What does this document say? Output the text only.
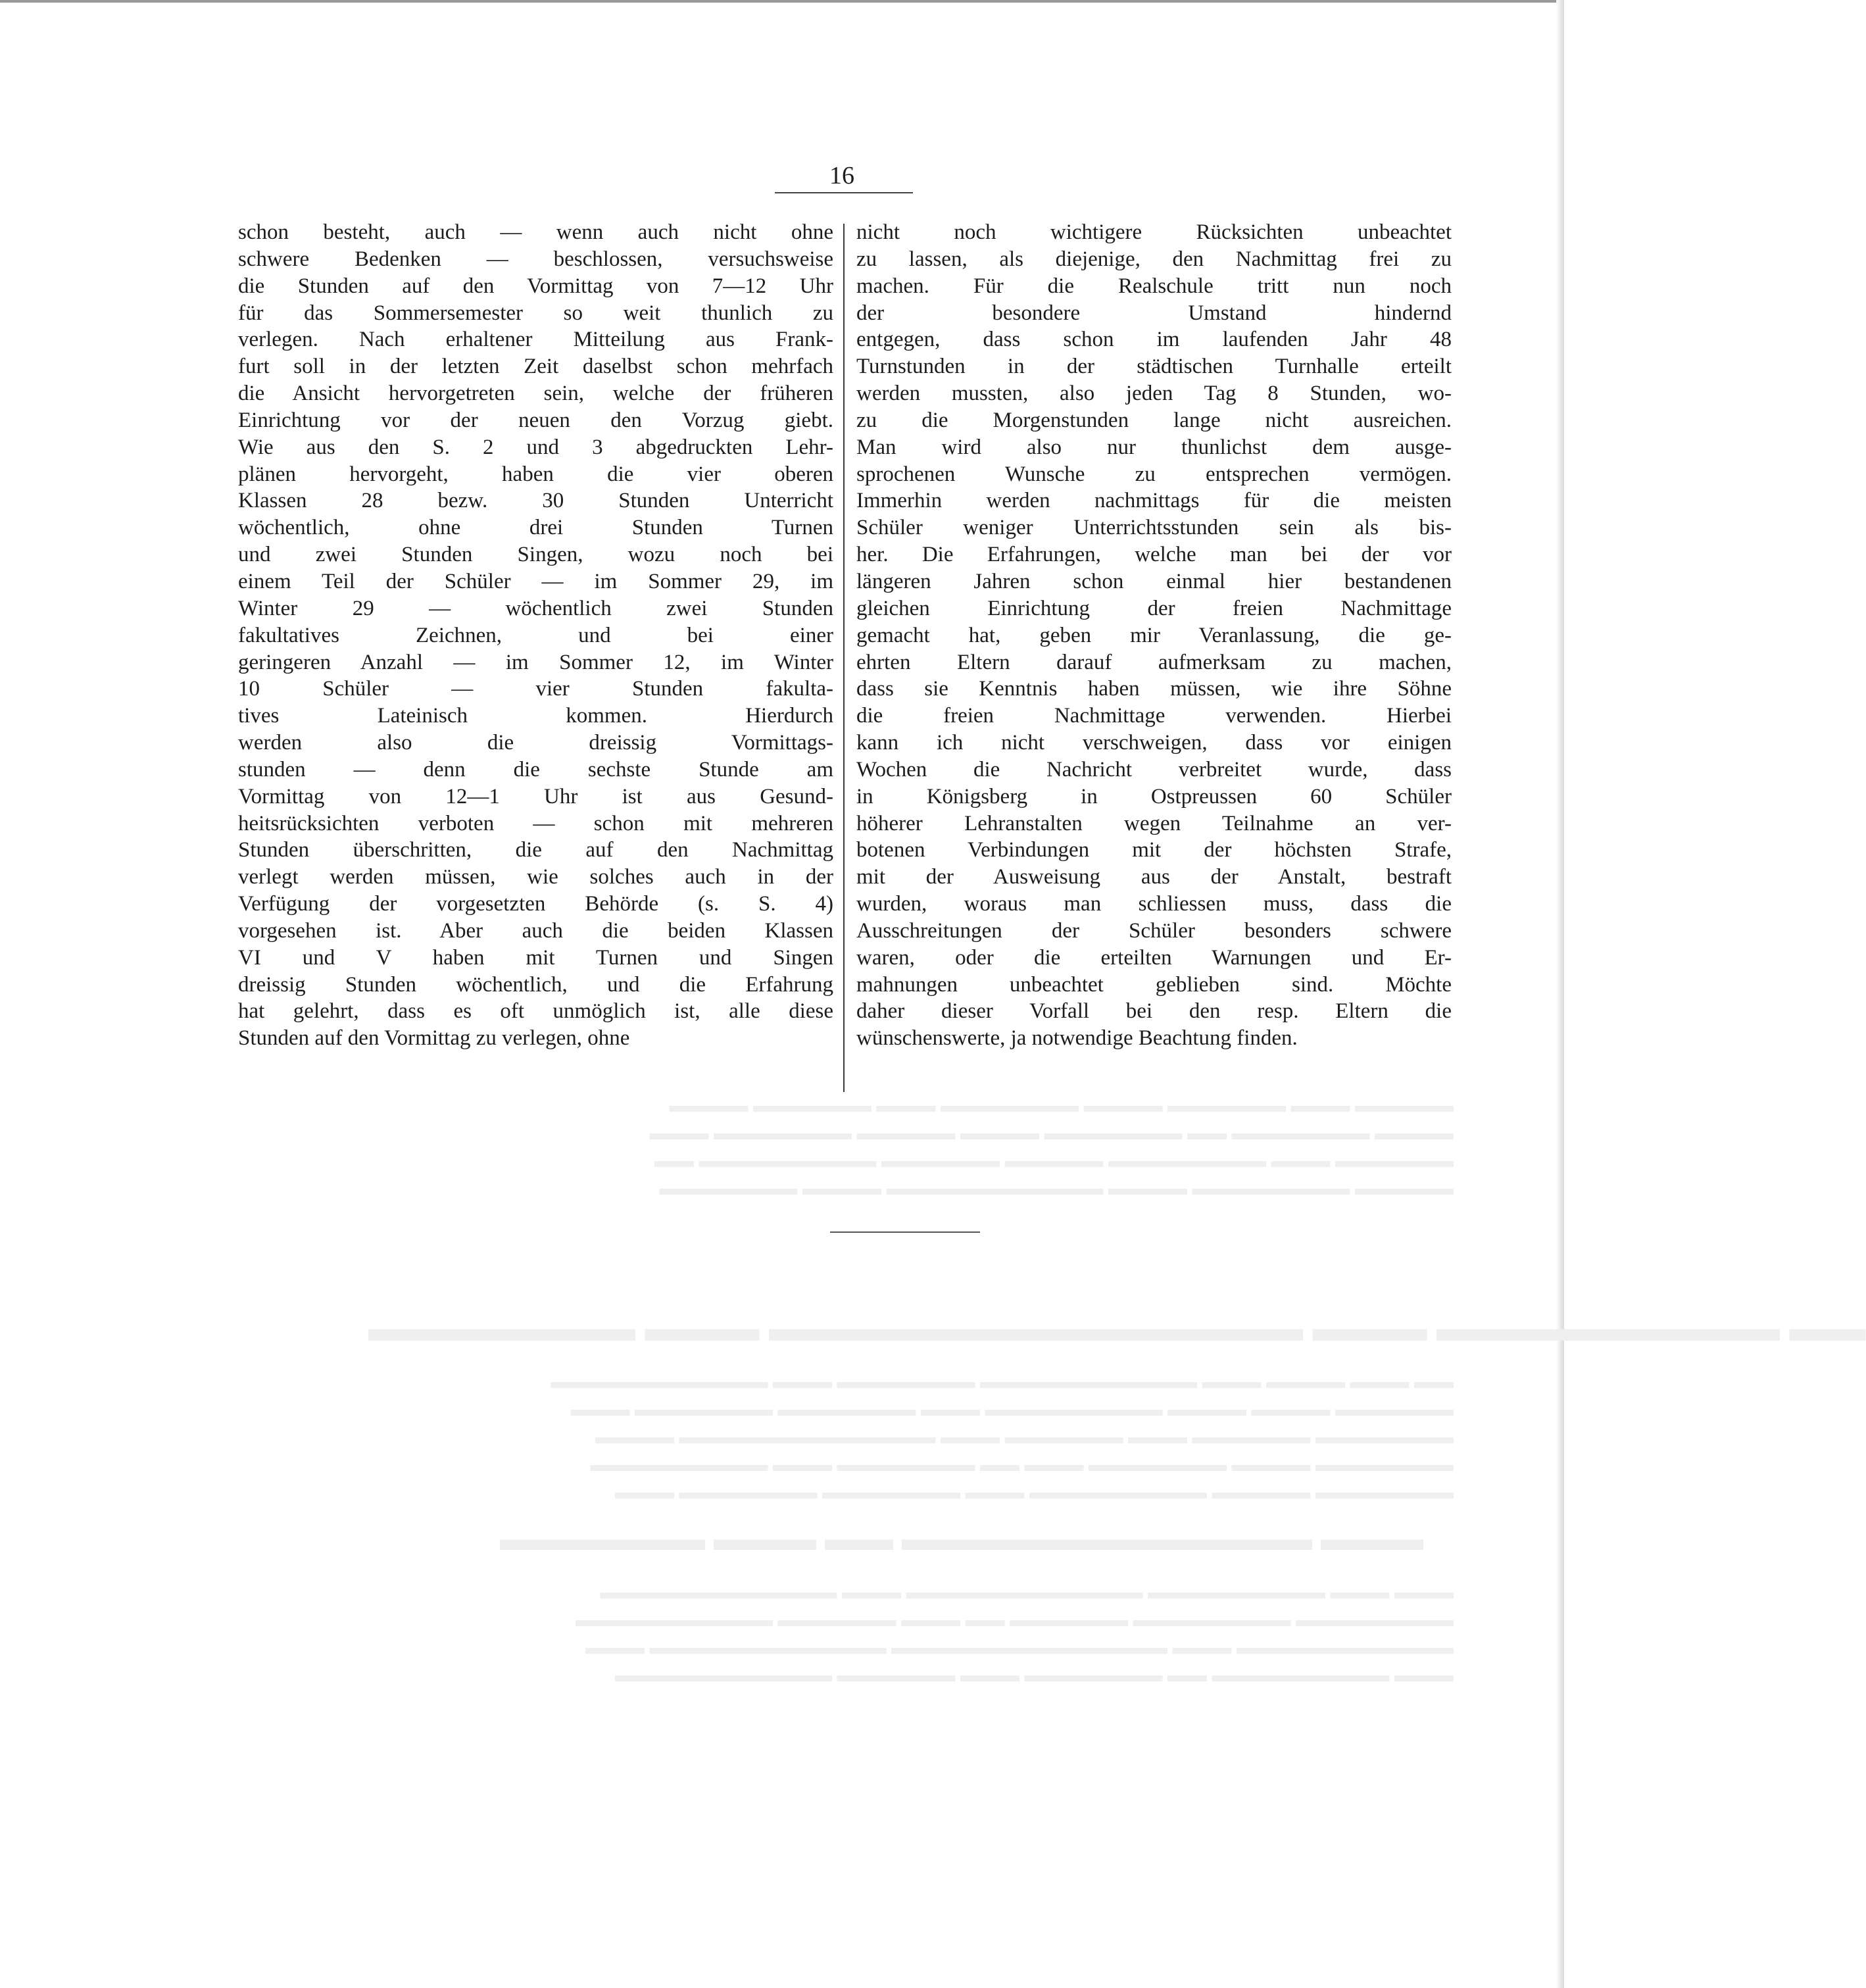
▬▬▬▬▬ ▬▬▬ ▬▬▬▬▬▬ ▬▬▬▬ ▬▬▬▬▬▬▬ ▬▬▬ ▬▬▬▬▬▬ ▬▬▬▬
▬▬▬▬ ▬▬▬▬▬▬▬ ▬▬ ▬▬▬▬▬▬▬ ▬▬▬▬ ▬▬▬▬▬ ▬▬▬▬▬▬▬ ▬▬▬
▬▬▬▬▬▬ ▬▬▬ ▬▬▬▬▬▬▬▬ ▬▬▬▬▬ ▬▬▬▬▬▬ ▬▬▬▬▬▬▬▬▬ ▬▬
▬▬▬▬▬ ▬▬▬▬▬▬▬▬ ▬▬▬▬ ▬▬▬▬▬▬▬▬▬▬▬ ▬▬▬▬ ▬▬▬▬▬▬▬
▬▬ ▬▬▬▬▬▬▬▬▬ ▬▬▬ ▬▬▬▬▬▬▬▬▬▬▬▬▬▬ ▬▬▬ ▬▬▬▬▬▬▬
▬▬ ▬▬▬ ▬▬▬▬ ▬▬▬ ▬▬▬▬▬▬▬▬▬▬▬ ▬▬▬▬▬▬▬ ▬▬▬ ▬▬▬▬▬▬▬▬▬▬▬
▬▬▬▬▬▬ ▬▬▬▬ ▬▬▬▬ ▬▬▬▬▬▬▬▬▬ ▬▬▬ ▬▬▬▬▬▬▬ ▬▬▬▬▬▬▬ ▬▬▬
▬▬▬▬▬▬▬ ▬▬▬▬▬▬ ▬▬▬ ▬▬▬▬▬▬ ▬▬▬ ▬▬▬▬▬▬▬▬▬▬▬▬▬ ▬▬▬▬
▬▬▬▬▬▬▬ ▬▬▬▬ ▬▬▬▬▬▬▬ ▬▬▬ ▬▬ ▬▬▬▬▬▬▬ ▬▬▬ ▬▬▬▬▬▬▬▬▬
▬▬▬▬▬▬▬ ▬▬▬▬▬ ▬▬▬▬▬▬▬▬▬ ▬▬▬ ▬▬▬▬▬▬▬ ▬▬▬▬▬▬▬ ▬▬▬
▬▬▬ ▬▬▬▬▬▬▬▬▬▬▬▬ ▬▬ ▬▬▬ ▬▬▬▬▬▬
▬▬▬ ▬▬▬ ▬▬▬▬▬▬▬▬▬ ▬▬▬▬▬▬▬▬▬▬▬▬ ▬▬▬ ▬▬▬▬▬▬▬▬▬▬▬▬
▬▬▬▬▬▬▬▬ ▬▬▬▬▬▬▬▬ ▬▬▬▬▬▬ ▬▬ ▬▬▬ ▬▬▬▬▬▬ ▬▬▬▬▬▬▬▬▬▬
▬▬▬▬▬▬▬▬▬▬▬ ▬▬▬ ▬▬▬▬▬▬▬▬▬▬▬▬▬▬ ▬▬▬▬▬▬▬▬▬▬▬▬ ▬▬▬
▬▬▬ ▬▬▬▬▬▬▬▬▬ ▬▬ ▬▬▬▬▬▬▬ ▬▬▬ ▬▬▬▬▬▬ ▬▬▬▬▬▬▬▬▬▬▬
16
schon besteht, auch — wenn auch nicht ohne
schwere Bedenken — beschlossen, versuchsweise
die Stunden auf den Vormittag von 7—12 Uhr
für das Sommersemester so weit thunlich zu
verlegen. Nach erhaltener Mitteilung aus Frank-
furt soll in der letzten Zeit daselbst schon mehrfach
die Ansicht hervorgetreten sein, welche der früheren
Einrichtung vor der neuen den Vorzug giebt.
Wie aus den S. 2 und 3 abgedruckten Lehr-
plänen hervorgeht, haben die vier oberen
Klassen 28 bezw. 30 Stunden Unterricht
wöchentlich, ohne drei Stunden Turnen
und zwei Stunden Singen, wozu noch bei
einem Teil der Schüler — im Sommer 29, im
Winter 29 — wöchentlich zwei Stunden
fakultatives Zeichnen, und bei einer
geringeren Anzahl — im Sommer 12, im Winter
10 Schüler — vier Stunden fakulta-
tives Lateinisch kommen. Hierdurch
werden also die dreissig Vormittags-
stunden — denn die sechste Stunde am
Vormittag von 12—1 Uhr ist aus Gesund-
heitsrücksichten verboten — schon mit mehreren
Stunden überschritten, die auf den Nachmittag
verlegt werden müssen, wie solches auch in der
Verfügung der vorgesetzten Behörde (s. S. 4)
vorgesehen ist. Aber auch die beiden Klassen
VI und V haben mit Turnen und Singen
dreissig Stunden wöchentlich, und die Erfahrung
hat gelehrt, dass es oft unmöglich ist, alle diese
Stunden auf den Vormittag zu verlegen, ohne
nicht noch wichtigere Rücksichten unbeachtet
zu lassen, als diejenige, den Nachmittag frei zu
machen. Für die Realschule tritt nun noch
der besondere Umstand hindernd
entgegen, dass schon im laufenden Jahr 48
Turnstunden in der städtischen Turnhalle erteilt
werden mussten, also jeden Tag 8 Stunden, wo-
zu die Morgenstunden lange nicht ausreichen.
Man wird also nur thunlichst dem ausge-
sprochenen Wunsche zu entsprechen vermögen.
Immerhin werden nachmittags für die meisten
Schüler weniger Unterrichtsstunden sein als bis-
her. Die Erfahrungen, welche man bei der vor
längeren Jahren schon einmal hier bestandenen
gleichen Einrichtung der freien Nachmittage
gemacht hat, geben mir Veranlassung, die ge-
ehrten Eltern darauf aufmerksam zu machen,
dass sie Kenntnis haben müssen, wie ihre Söhne
die freien Nachmittage verwenden. Hierbei
kann ich nicht verschweigen, dass vor einigen
Wochen die Nachricht verbreitet wurde, dass
in Königsberg in Ostpreussen 60 Schüler
höherer Lehranstalten wegen Teilnahme an ver-
botenen Verbindungen mit der höchsten Strafe,
mit der Ausweisung aus der Anstalt, bestraft
wurden, woraus man schliessen muss, dass die
Ausschreitungen der Schüler besonders schwere
waren, oder die erteilten Warnungen und Er-
mahnungen unbeachtet geblieben sind. Möchte
daher dieser Vorfall bei den resp. Eltern die
wünschenswerte, ja notwendige Beachtung finden.
